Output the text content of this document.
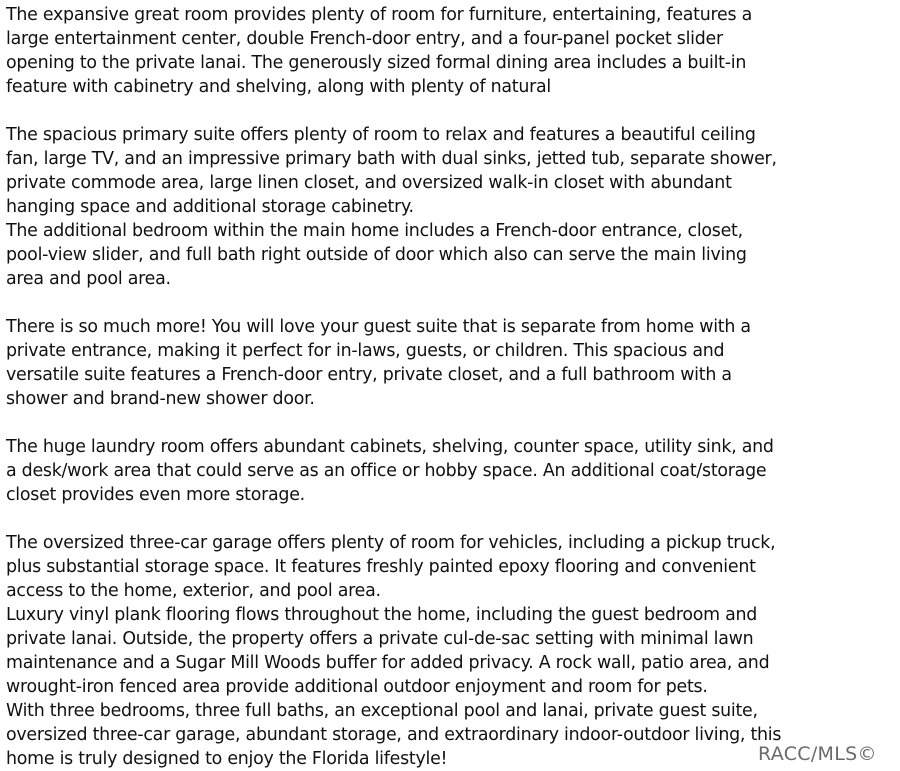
The expansive great room provides plenty of room for furniture, entertaining, features a
large entertainment center, double French-door entry, and a four-panel pocket slider
opening to the private lanai. The generously sized formal dining area includes a built-in
feature with cabinetry and shelving, along with plenty of natural

The spacious primary suite offers plenty of room to relax and features a beautiful ceiling
fan, large TV, and an impressive primary bath with dual sinks, jetted tub, separate shower,
private commode area, large linen closet, and oversized walk-in closet with abundant
hanging space and additional storage cabinetry.
The additional bedroom within the main home includes a French-door entrance, closet,
pool-view slider, and full bath right outside of door which also can serve the main living
area and pool area.

There is so much more! You will love your guest suite that is separate from home with a
private entrance, making it perfect for in-laws, guests, or children. This spacious and
versatile suite features a French-door entry, private closet, and a full bathroom with a
shower and brand-new shower door.

The huge laundry room offers abundant cabinets, shelving, counter space, utility sink, and
a desk/work area that could serve as an office or hobby space. An additional coat/storage
closet provides even more storage.

The oversized three-car garage offers plenty of room for vehicles, including a pickup truck,
plus substantial storage space. It features freshly painted epoxy flooring and convenient
access to the home, exterior, and pool area.
Luxury vinyl plank flooring flows throughout the home, including the guest bedroom and
private lanai. Outside, the property offers a private cul-de-sac setting with minimal lawn
maintenance and a Sugar Mill Woods buffer for added privacy. A rock wall, patio area, and
wrought-iron fenced area provide additional outdoor enjoyment and room for pets.
With three bedrooms, three full baths, an exceptional pool and lanai, private guest suite,
oversized three-car garage, abundant storage, and extraordinary indoor-outdoor living, this
home is truly designed to enjoy the Florida lifestyle!	RACC/MLS©
